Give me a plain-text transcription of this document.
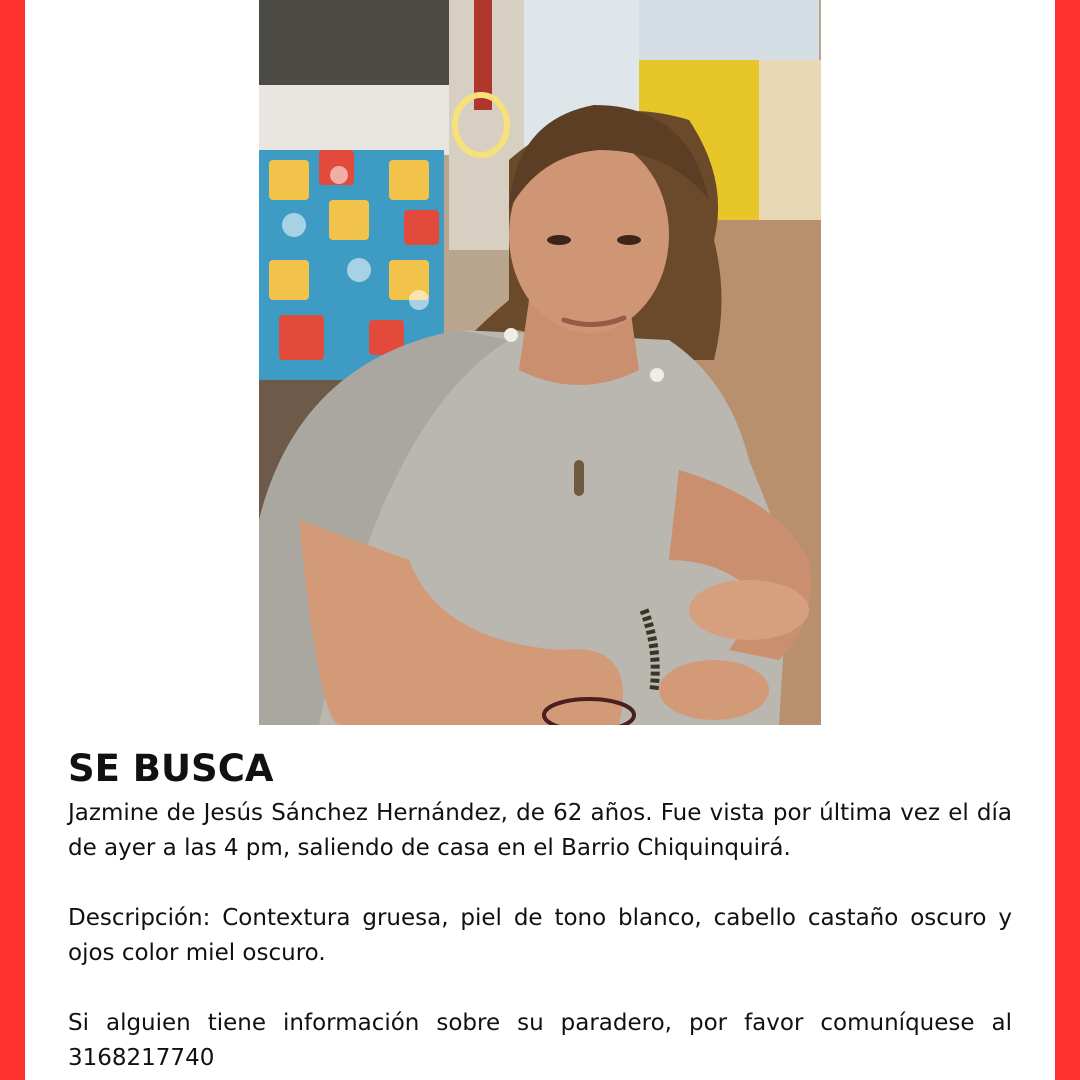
SE BUSCA

Jazmine de Jesús Sánchez Hernández, de 62 años. Fue vista por última vez el día de ayer a las 4 pm, saliendo de casa en el Barrio Chiquinquirá.

Descripción: Contextura gruesa, piel de tono blanco, cabello castaño oscuro y ojos color miel oscuro.

Si alguien tiene información sobre su paradero, por favor comuníquese al 3168217740
